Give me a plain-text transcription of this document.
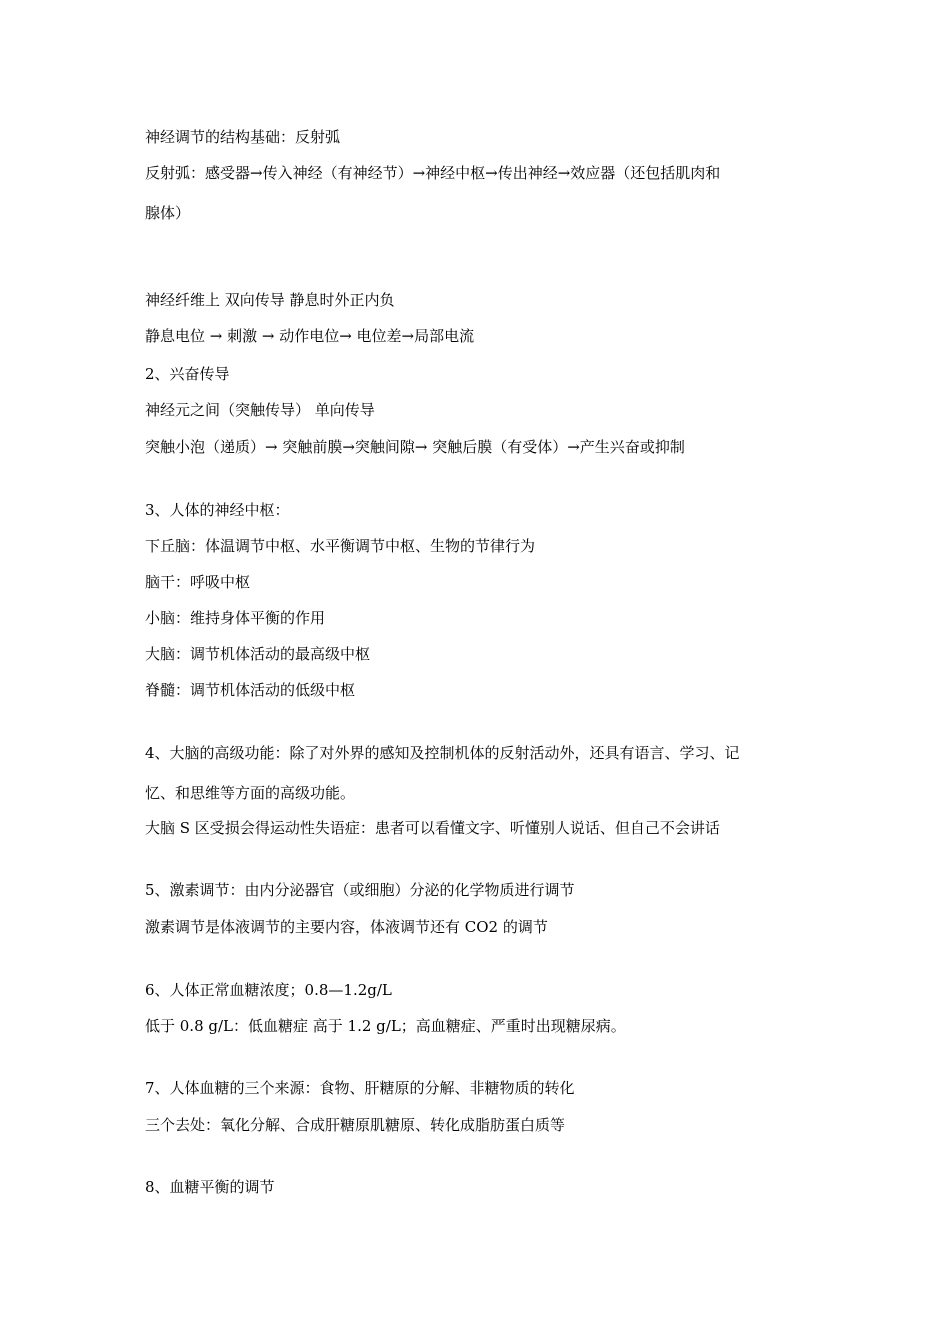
神经调节的结构基础：反射弧
反射弧：感受器→传入神经（有神经节）→神经中枢→传出神经→效应器（还包括肌肉和
腺体）
神经纤维上 双向传导 静息时外正内负
静息电位 → 刺激 → 动作电位→ 电位差→局部电流
2、兴奋传导
神经元之间（突触传导） 单向传导
突触小泡（递质）→ 突触前膜→突触间隙→ 突触后膜（有受体）→产生兴奋或抑制
3、人体的神经中枢：
下丘脑：体温调节中枢、水平衡调节中枢、生物的节律行为
脑干：呼吸中枢
小脑：维持身体平衡的作用
大脑：调节机体活动的最高级中枢
脊髓：调节机体活动的低级中枢
4、大脑的高级功能：除了对外界的感知及控制机体的反射活动外，还具有语言、学习、记
忆、和思维等方面的高级功能。
大脑 S 区受损会得运动性失语症：患者可以看懂文字、听懂别人说话、但自己不会讲话
5、激素调节：由内分泌器官（或细胞）分泌的化学物质进行调节
激素调节是体液调节的主要内容，体液调节还有 CO2 的调节
6、人体正常血糖浓度；0.8—1.2g/L
低于 0.8 g/L：低血糖症 高于 1.2 g/L；高血糖症、严重时出现糖尿病。
7、人体血糖的三个来源：食物、肝糖原的分解、非糖物质的转化
三个去处：氧化分解、合成肝糖原肌糖原、转化成脂肪蛋白质等
8、血糖平衡的调节
